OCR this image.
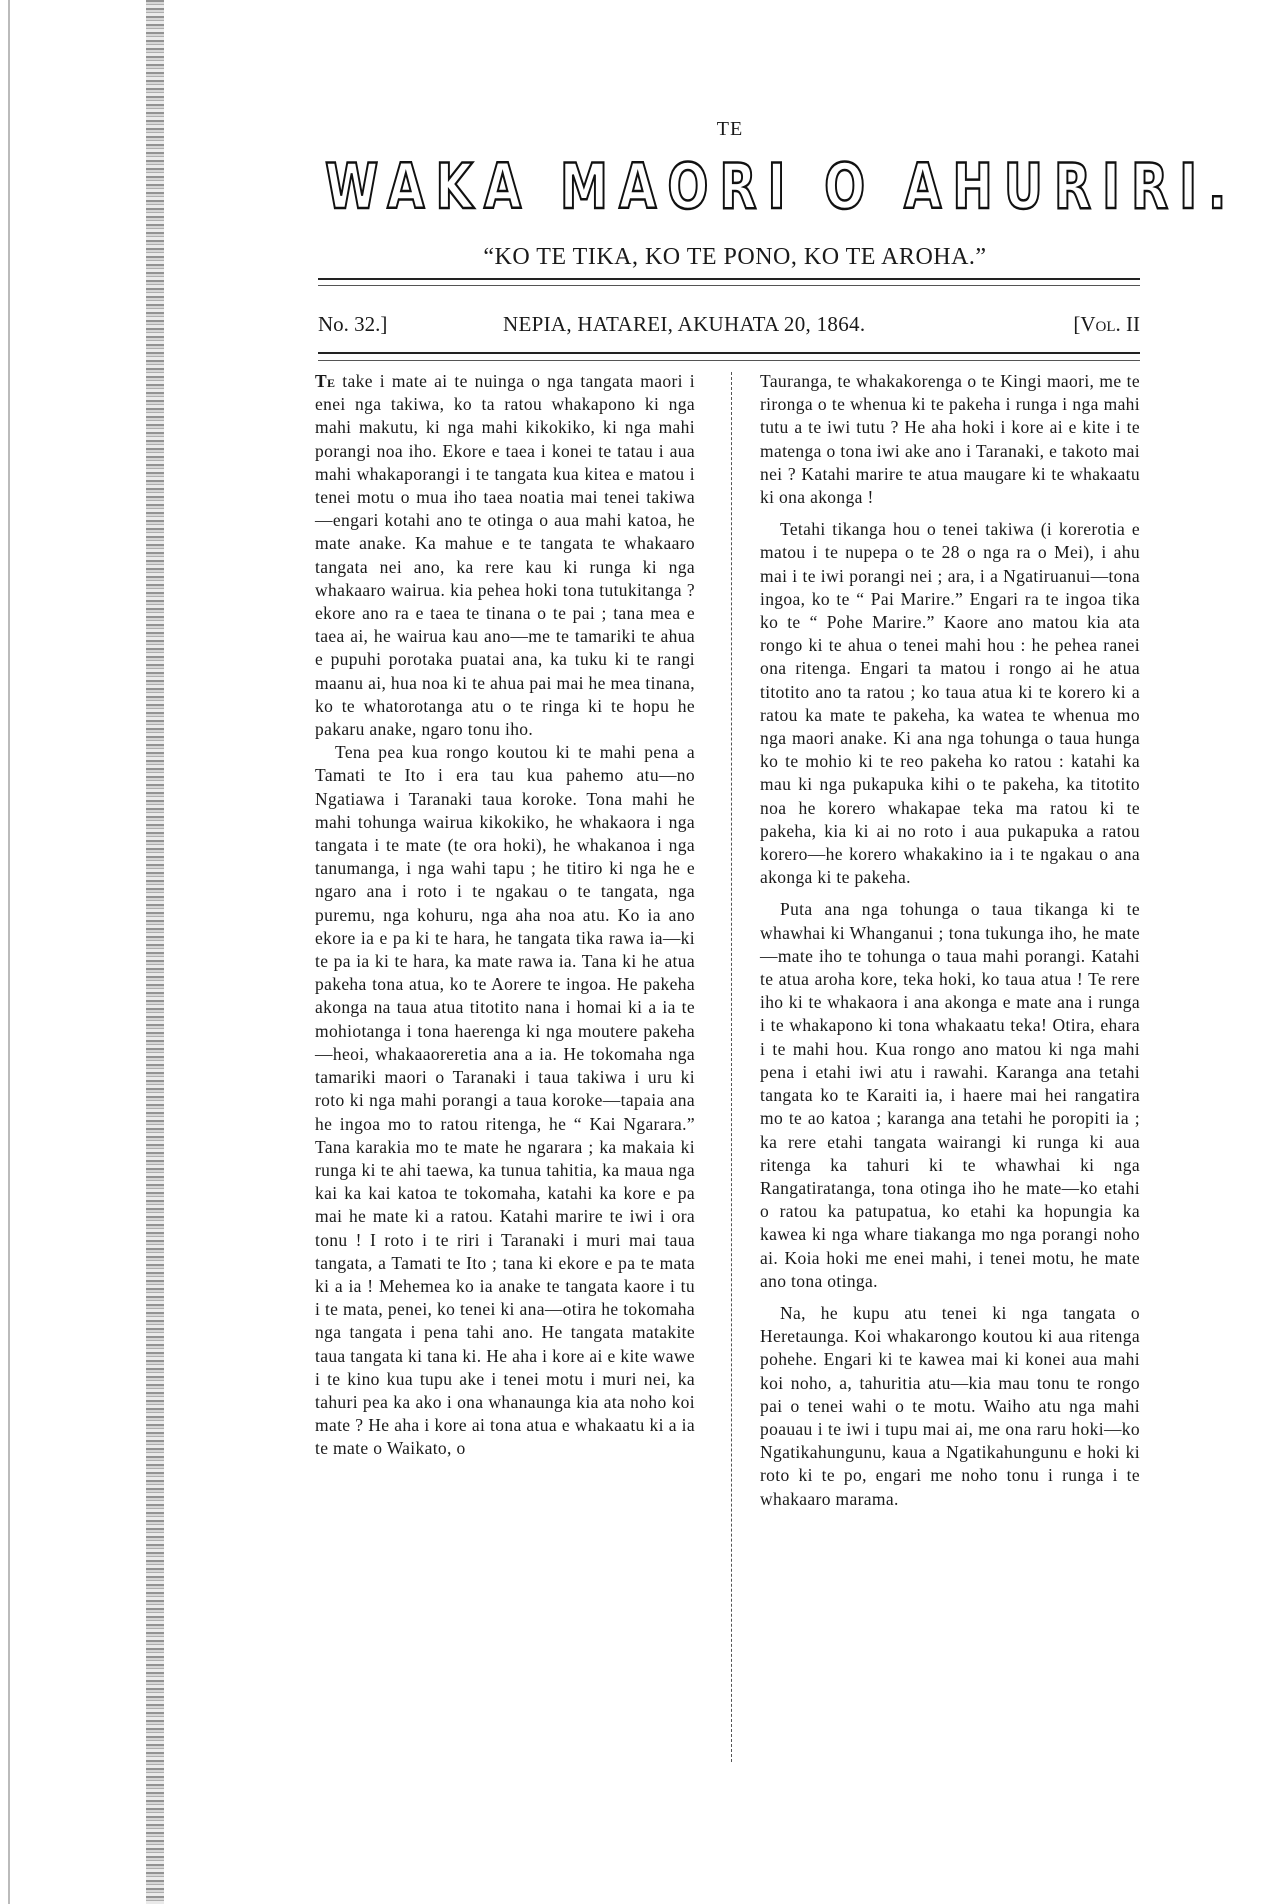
TE
WAKA MAORI O AHURIRI.
“KO TE TIKA, KO TE PONO, KO TE AROHA.”
No. 32.]	NEPIA, HATAREI, AKUHATA 20, 1864.	[Vol. II

Te take i mate ai te nuinga o nga tangata maori i enei nga takiwa, ko ta ratou whakapono ki nga mahi makutu, ki nga mahi kikokiko, ki nga mahi porangi noa iho. Ekore e taea i konei te tatau i aua mahi whakaporangi i te tangata kua kitea e matou i tenei motu o mua iho taea noatia mai tenei takiwa—engari kotahi ano te otinga o aua mahi katoa, he mate anake. Ka mahue e te tangata te whakaaro tangata nei ano, ka rere kau ki runga ki nga whakaaro wairua. kia pehea hoki tona tutukitanga ? ekore ano ra e taea te tinana o te pai ; tana mea e taea ai, he wairua kau ano—me te tamariki te ahua e pupuhi porotaka puatai ana, ka tuku ki te rangi maanu ai, hua noa ki te ahua pai mai he mea tinana, ko te whatorotanga atu o te ringa ki te hopu he pakaru anake, ngaro tonu iho.

Tena pea kua rongo koutou ki te mahi pena a Tamati te Ito i era tau kua pahemo atu—no Ngatiawa i Taranaki taua koroke. Tona mahi he mahi tohunga wairua kikokiko, he whakaora i nga tangata i te mate (te ora hoki), he whakanoa i nga tanumanga, i nga wahi tapu ; he titiro ki nga he e ngaro ana i roto i te ngakau o te tangata, nga puremu, nga kohuru, nga aha noa atu. Ko ia ano ekore ia e pa ki te hara, he tangata tika rawa ia—ki te pa ia ki te hara, ka mate rawa ia. Tana ki he atua pakeha tona atua, ko te Aorere te ingoa. He pakeha akonga na taua atua titotito nana i homai ki a ia te mohiotanga i tona haerenga ki nga moutere pakeha—heoi, whakaaoreretia ana a ia. He tokomaha nga tamariki maori o Taranaki i taua takiwa i uru ki roto ki nga mahi porangi a taua koroke—tapaia ana he ingoa mo to ratou ritenga, he “ Kai Ngarara.” Tana karakia mo te mate he ngarara ; ka makaia ki runga ki te ahi taewa, ka tunua tahitia, ka maua nga kai ka kai katoa te tokomaha, katahi ka kore e pa mai he mate ki a ratou. Katahi marire te iwi i ora tonu ! I roto i te riri i Taranaki i muri mai taua tangata, a Tamati te Ito ; tana ki ekore e pa te mata ki a ia ! Mehemea ko ia anake te tangata kaore i tu i te mata, penei, ko tenei ki ana—otira he tokomaha nga tangata i pena tahi ano. He tangata matakite taua tangata ki tana ki. He aha i kore ai e kite wawe i te kino kua tupu ake i tenei motu i muri nei, ka tahuri pea ka ako i ona whanaunga kia ata noho koi mate ? He aha i kore ai tona atua e whakaatu ki a ia te mate o Waikato, o

Tauranga, te whakakorenga o te Kingi maori, me te rironga o te whenua ki te pakeha i runga i nga mahi tutu a te iwi tutu ? He aha hoki i kore ai e kite i te matenga o tona iwi ake ano i Taranaki, e takoto mai nei ? Katahi marire te atua maugare ki te whakaatu ki ona akonga !

Tetahi tikanga hou o tenei takiwa (i korerotia e matou i te nupepa o te 28 o nga ra o Mei), i ahu mai i te iwi porangi nei ; ara, i a Ngatiruanui—tona ingoa, ko te “ Pai Marire.” Engari ra te ingoa tika ko te “ Pohe Marire.” Kaore ano matou kia ata rongo ki te ahua o tenei mahi hou : he pehea ranei ona ritenga. Engari ta matou i rongo ai he atua titotito ano ta ratou ; ko taua atua ki te korero ki a ratou ka mate te pakeha, ka watea te whenua mo nga maori anake. Ki ana nga tohunga o taua hunga ko te mohio ki te reo pakeha ko ratou : katahi ka mau ki nga pukapuka kihi o te pakeha, ka titotito noa he korero whakapae teka ma ratou ki te pakeha, kia ki ai no roto i aua pukapuka a ratou korero—he korero whakakino ia i te ngakau o ana akonga ki te pakeha.

Puta ana nga tohunga o taua tikanga ki te whawhai ki Whanganui ; tona tukunga iho, he mate—mate iho te tohunga o taua mahi porangi. Katahi te atua aroha kore, teka hoki, ko taua atua ! Te rere iho ki te whakaora i ana akonga e mate ana i runga i te whakapono ki tona whakaatu teka! Otira, ehara i te mahi hou. Kua rongo ano matou ki nga mahi pena i etahi iwi atu i rawahi. Karanga ana tetahi tangata ko te Karaiti ia, i haere mai hei rangatira mo te ao katoa ; karanga ana tetahi he poropiti ia ; ka rere etahi tangata wairangi ki runga ki aua ritenga ka tahuri ki te whawhai ki nga Rangatiratanga, tona otinga iho he mate—ko etahi o ratou ka patupatua, ko etahi ka hopungia ka kawea ki nga whare tiakanga mo nga porangi noho ai. Koia hoki me enei mahi, i tenei motu, he mate ano tona otinga.

Na, he kupu atu tenei ki nga tangata o Heretaunga. Koi whakarongo koutou ki aua ritenga pohehe. Engari ki te kawea mai ki konei aua mahi koi noho, a, tahuritia atu—kia mau tonu te rongo pai o tenei wahi o te motu. Waiho atu nga mahi poauau i te iwi i tupu mai ai, me ona raru hoki—ko Ngatikahungunu, kaua a Ngatikahungunu e hoki ki roto ki te po, engari me noho tonu i runga i te whakaaro marama.
